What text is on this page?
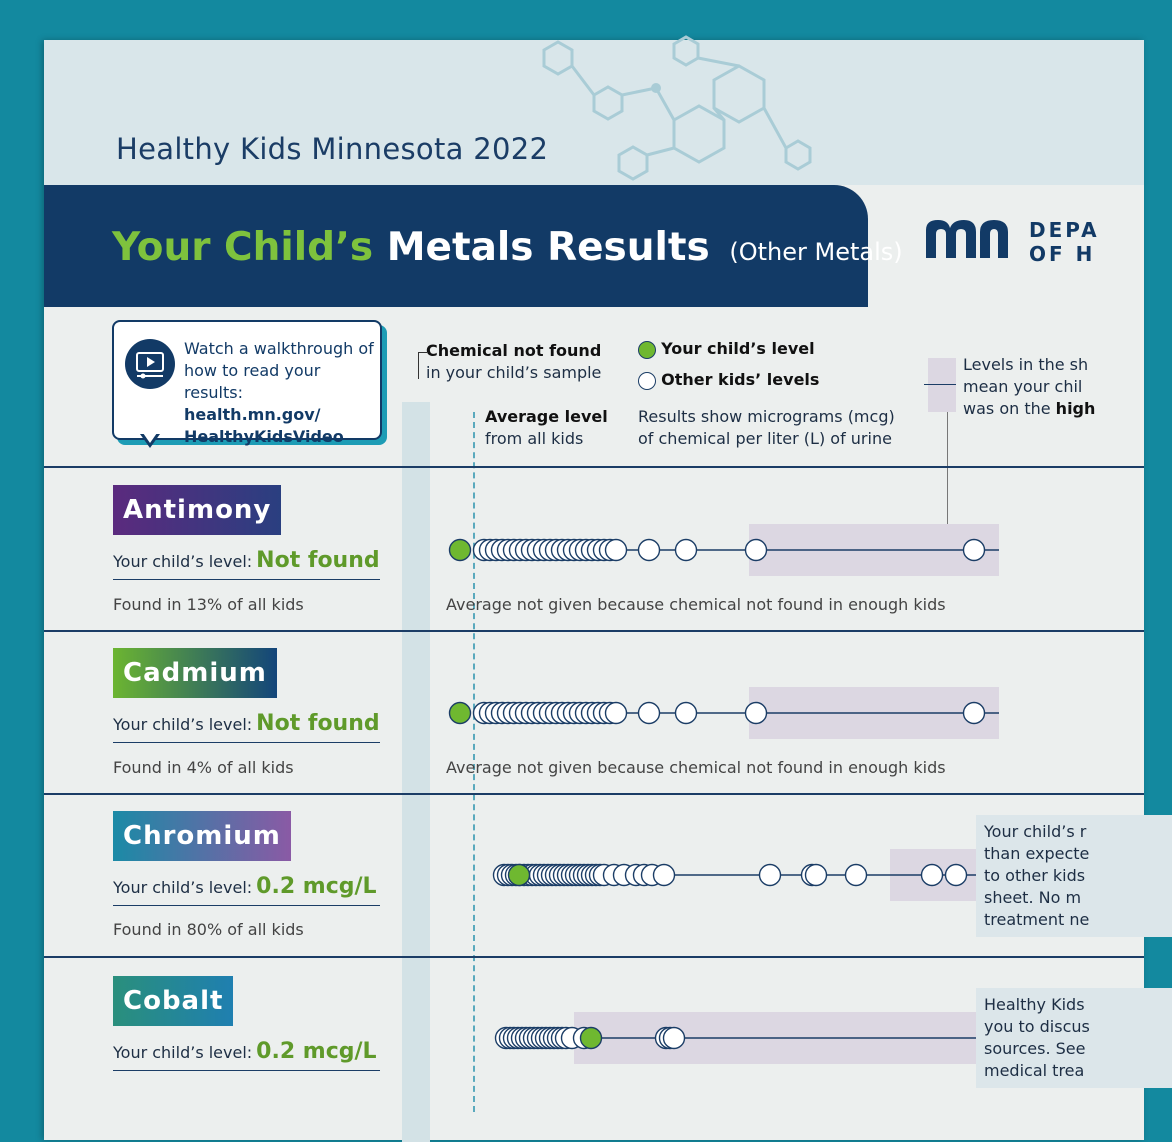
Healthy Kids Minnesota 2022
Your Child’s Metals Results (Other Metals)
DEPA
OF H
Watch a walkthrough of
how to read your results:
health.mn.gov/
HealthyKidsVideo
Chemical not found
in your child’s sample
Average level
from all kids
Your child’s level
Other kids’ levels
Results show micrograms (mcg)
of chemical per liter (L) of urine
Levels in the sh
mean your chil
was on the high
Antimony
Your child’s level: Not found
Found in 13% of all kids	Average not given because chemical not found in enough kids
Cadmium
Your child’s level: Not found
Found in 4% of all kids	Average not given because chemical not found in enough kids
Chromium
Your child’s level: 0.2 mcg/L
Found in 80% of all kids
Your child’s r
than expecte
to other kids
sheet. No m
treatment ne
Cobalt
Your child’s level: 0.2 mcg/L
Healthy Kids
you to discus
sources. See
medical trea
